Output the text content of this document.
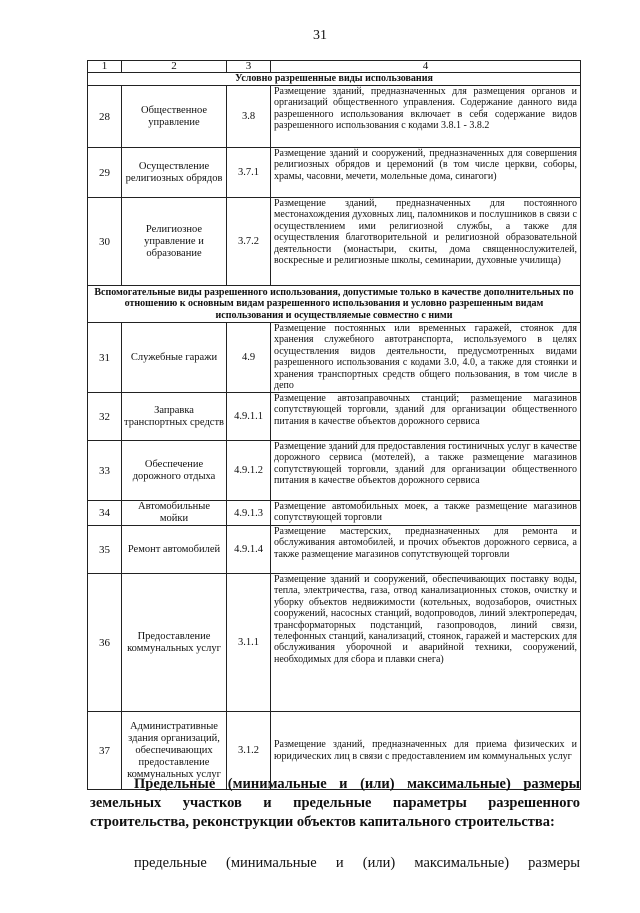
31
1	2	3	4
Условно разрешенные виды использования			
28	Общественное управление	3.8	Размещение зданий, предназначенных для размещения органов и организаций общественного управления. Содержание данного вида разрешенного использования включает в себя содержание видов разрешенного использования с кодами 3.8.1 - 3.8.2
29	Осуществление религиозных обрядов	3.7.1	Размещение зданий и сооружений, предназначенных для совершения религиозных обрядов и церемоний (в том числе церкви, соборы, храмы, часовни, мечети, молельные дома, синагоги)
30	Религиозное управление и образование	3.7.2	Размещение зданий, предназначенных для постоянного местонахождения духовных лиц, паломников и послушников в связи с осуществлением ими религиозной службы, а также для осуществления благотворительной и религиозной образовательной деятельности (монастыри, скиты, дома священнослужителей, воскресные и религиозные школы, семинарии, духовные училища)
Вспомогательные виды разрешенного использования, допустимые только в качестве дополнительных по отношению к основным видам разрешенного использования и условно разрешенным видам использования и осуществляемые совместно с ними			
31	Служебные гаражи	4.9	Размещение постоянных или временных гаражей, стоянок для хранения служебного автотранспорта, используемого в целях осуществления видов деятельности, предусмотренных видами разрешенного использования с кодами 3.0, 4.0, а также для стоянки и хранения транспортных средств общего пользования, в том числе в депо
32	Заправка транспортных средств	4.9.1.1	Размещение автозаправочных станций; размещение магазинов сопутствующей торговли, зданий для организации общественного питания в качестве объектов дорожного сервиса
33	Обеспечение дорожного отдыха	4.9.1.2	Размещение зданий для предоставления гостиничных услуг в качестве дорожного сервиса (мотелей), а также размещение магазинов сопутствующей торговли, зданий для организации общественного питания в качестве объектов дорожного сервиса
34	Автомобильные мойки	4.9.1.3	Размещение автомобильных моек, а также размещение магазинов сопутствующей торговли
35	Ремонт автомобилей	4.9.1.4	Размещение мастерских, предназначенных для ремонта и обслуживания автомобилей, и прочих объектов дорожного сервиса, а также размещение магазинов сопутствующей торговли
36	Предоставление коммунальных услуг	3.1.1	Размещение зданий и сооружений, обеспечивающих поставку воды, тепла, электричества, газа, отвод канализационных стоков, очистку и уборку объектов недвижимости (котельных, водозаборов, очистных сооружений, насосных станций, водопроводов, линий электропередач, трансформаторных подстанций, газопроводов, линий связи, телефонных станций, канализаций, стоянок, гаражей и мастерских для обслуживания уборочной и аварийной техники, сооружений, необходимых для сбора и плавки снега)
37	Административные здания организаций, обеспечивающих предоставление коммунальных услуг	3.1.2	Размещение зданий, предназначенных для приема физических и юридических лиц в связи с предоставлением им коммунальных услуг
Предельные (минимальные и (или) максимальные) размеры
земельных участков и предельные параметры разрешенного
строительства, реконструкции объектов капитального строительства:
предельные (минимальные и (или) максимальные) размеры
